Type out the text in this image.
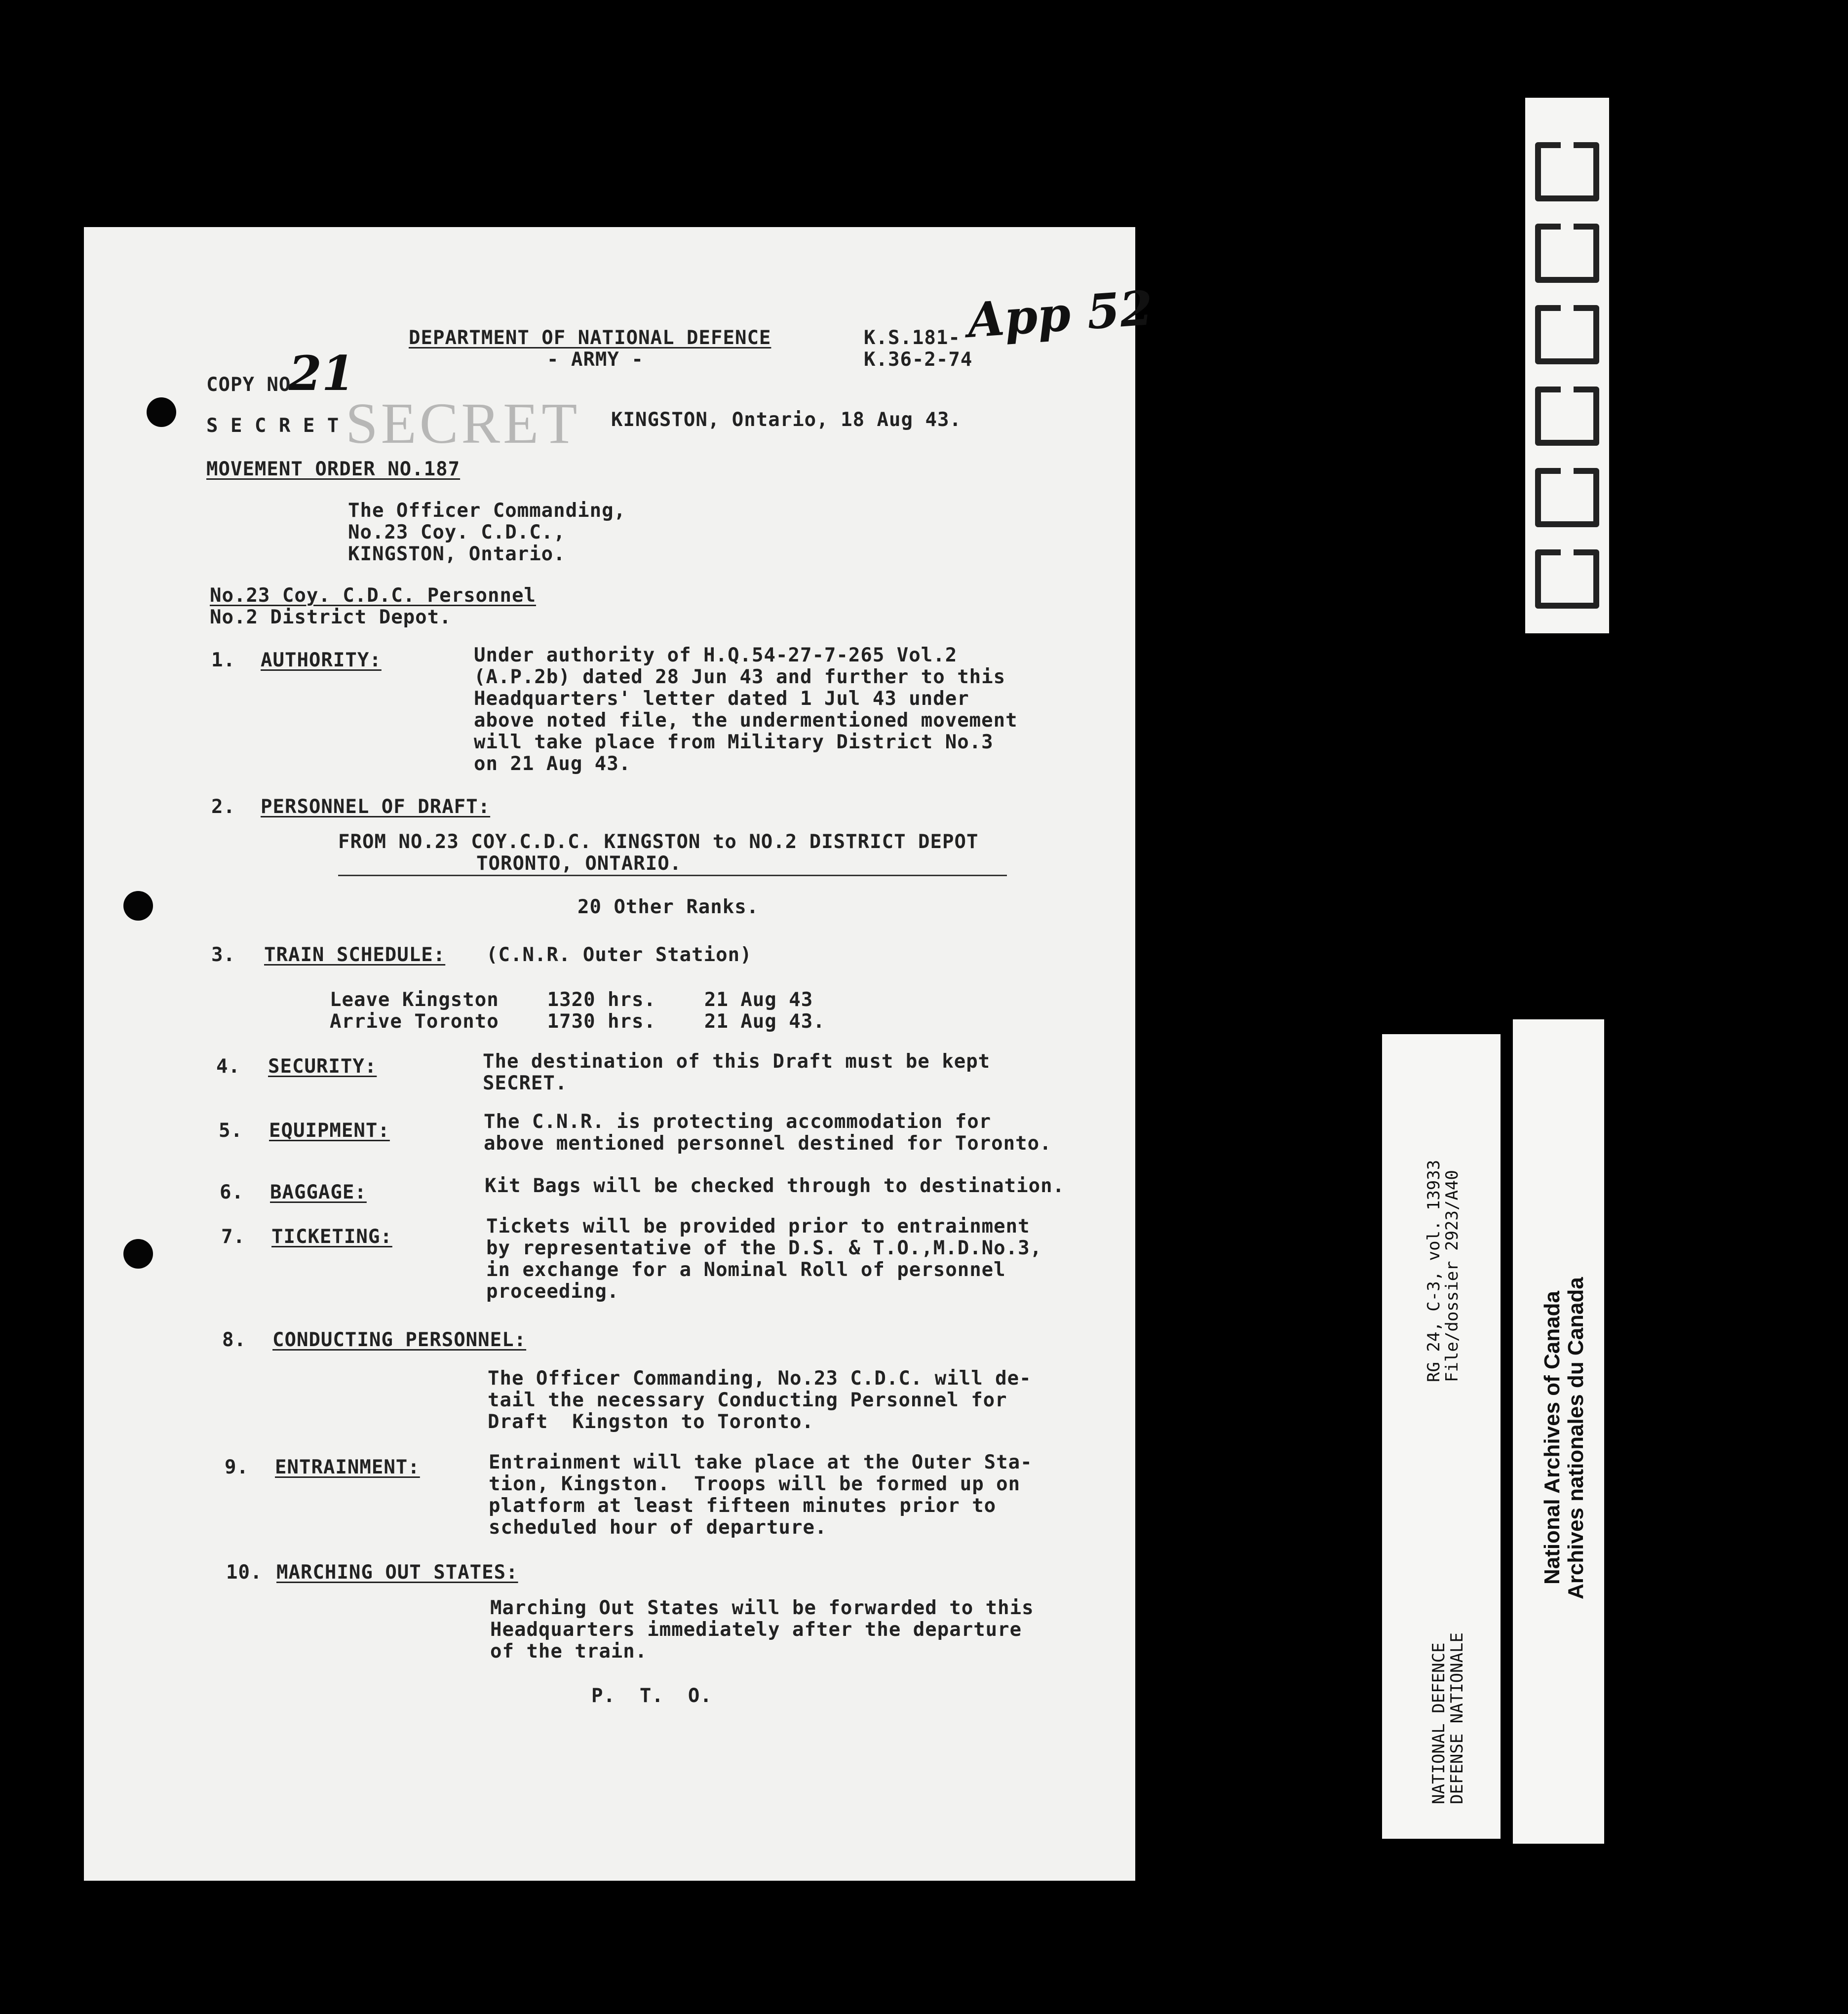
DEPARTMENT OF NATIONAL DEFENCE
- ARMY -
K.S.181-
K.36-2-74
App 52
COPY NO
21
S E C R E T SECRET KINGSTON, Ontario, 18 Aug 43.
MOVEMENT ORDER NO.187
The Officer Commanding,
No.23 Coy. C.D.C.,
KINGSTON, Ontario.
No.23 Coy. C.D.C. Personnel
No.2 District Depot.
1. AUTHORITY:	Under authority of H.Q.54-27-7-265 Vol.2
(A.P.2b) dated 28 Jun 43 and further to this
Headquarters' letter dated 1 Jul 43 under
above noted file, the undermentioned movement
will take place from Military District No.3
on 21 Aug 43.
2. PERSONNEL OF DRAFT:
FROM NO.23 COY.C.D.C. KINGSTON to NO.2 DISTRICT DEPOT
TORONTO, ONTARIO.
20 Other Ranks.
3. TRAIN SCHEDULE: (C.N.R. Outer Station)
Leave Kingston    1320 hrs.    21 Aug 43
Arrive Toronto    1730 hrs.    21 Aug 43.
4. SECURITY:	The destination of this Draft must be kept
SECRET.
5. EQUIPMENT:	The C.N.R. is protecting accommodation for
above mentioned personnel destined for Toronto.
6. BAGGAGE:	Kit Bags will be checked through to destination.
7. TICKETING:	Tickets will be provided prior to entrainment
by representative of the D.S. & T.O.,M.D.No.3,
in exchange for a Nominal Roll of personnel
proceeding.
8. CONDUCTING PERSONNEL:
The Officer Commanding, No.23 C.D.C. will de-
tail the necessary Conducting Personnel for
Draft  Kingston to Toronto.
9. ENTRAINMENT:	Entrainment will take place at the Outer Sta-
tion, Kingston.  Troops will be formed up on
platform at least fifteen minutes prior to
scheduled hour of departure.
10. MARCHING OUT STATES:
Marching Out States will be forwarded to this
Headquarters immediately after the departure
of the train.
P.  T.  O.
RG 24, C-3, vol. 13933
File/dossier 2923/A40
NATIONAL DEFENCE
DEFENSE NATIONALE
National Archives of Canada Archives nationales du Canada
